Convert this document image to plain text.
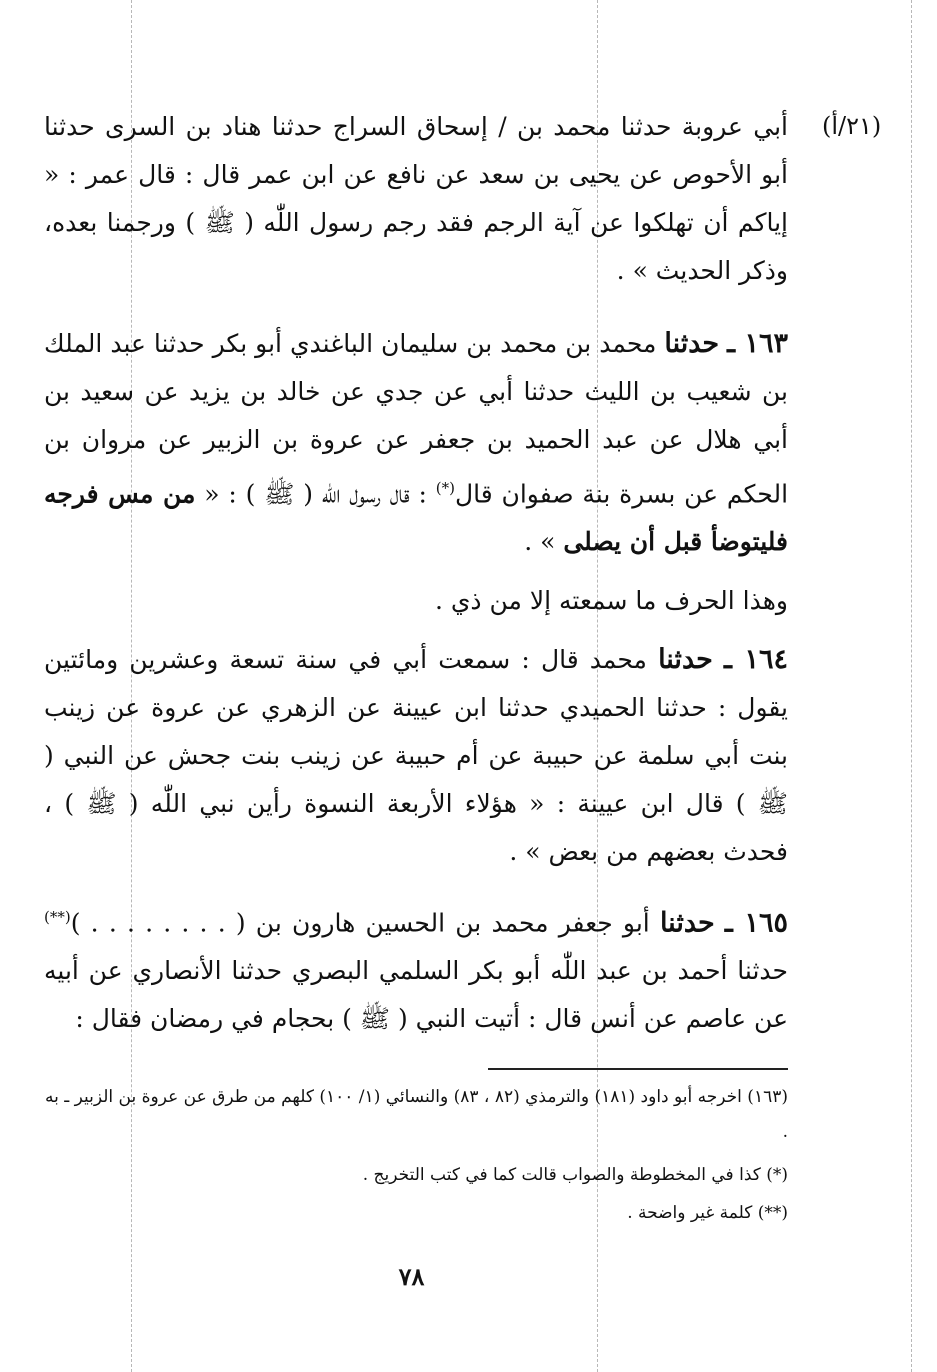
(٢١/أ)
أبي عروبة حدثنا محمد بن / إسحاق السراج حدثنا هناد بن السرى حدثنا أبو الأحوص عن يحيى بن سعد عن نافع عن ابن عمر قال : قال عمر : « إياكم أن تهلكوا عن آية الرجم فقد رجم رسول اللّٰه ( ﷺ ) ورجمنا بعده، وذكر الحديث » .
١٦٣ ـ حدثنا محمد بن محمد بن سليمان الباغندي أبو بكر حدثنا عبد الملك بن شعيب بن الليث حدثنا أبي عن جدي عن خالد بن يزيد عن سعيد بن أبي هلال عن عبد الحميد بن جعفر عن عروة بن الزبير عن مروان بن الحكم عن بسرة بنة صفوان قال(*) : قال رسول اللّٰه ( ﷺ ) : « من مس فرجه فليتوضأ قبل أن يصلى » .
وهذا الحرف ما سمعته إلا من ذي .
١٦٤ ـ حدثنا محمد قال : سمعت أبي في سنة تسعة وعشرين ومائتين يقول : حدثنا الحميدي حدثنا ابن عيينة عن الزهري عن عروة عن زينب بنت أبي سلمة عن حبيبة عن أم حبيبة عن زينب بنت جحش عن النبي ( ﷺ ) قال ابن عيينة : « هؤلاء الأربعة النسوة رأين نبي اللّٰه ( ﷺ ) ، فحدث بعضهم من بعض » .
١٦٥ ـ حدثنا أبو جعفر محمد بن الحسين هارون بن ( . . . . . . . . )(**) حدثنا أحمد بن عبد اللّٰه أبو بكر السلمي البصري حدثنا الأنصاري عن أبيه عن عاصم عن أنس قال : أتيت النبي ( ﷺ ) بحجام في رمضان فقال :
(١٦٣) اخرجه أبو داود (١٨١) والترمذي (٨٢ ، ٨٣) والنسائي (١/ ١٠٠) كلهم من طرق عن عروة بن الزبير ـ به .
(*) كذا في المخطوطة والصواب قالت كما في كتب التخريج .
(**) كلمة غير واضحة .
٧٨
